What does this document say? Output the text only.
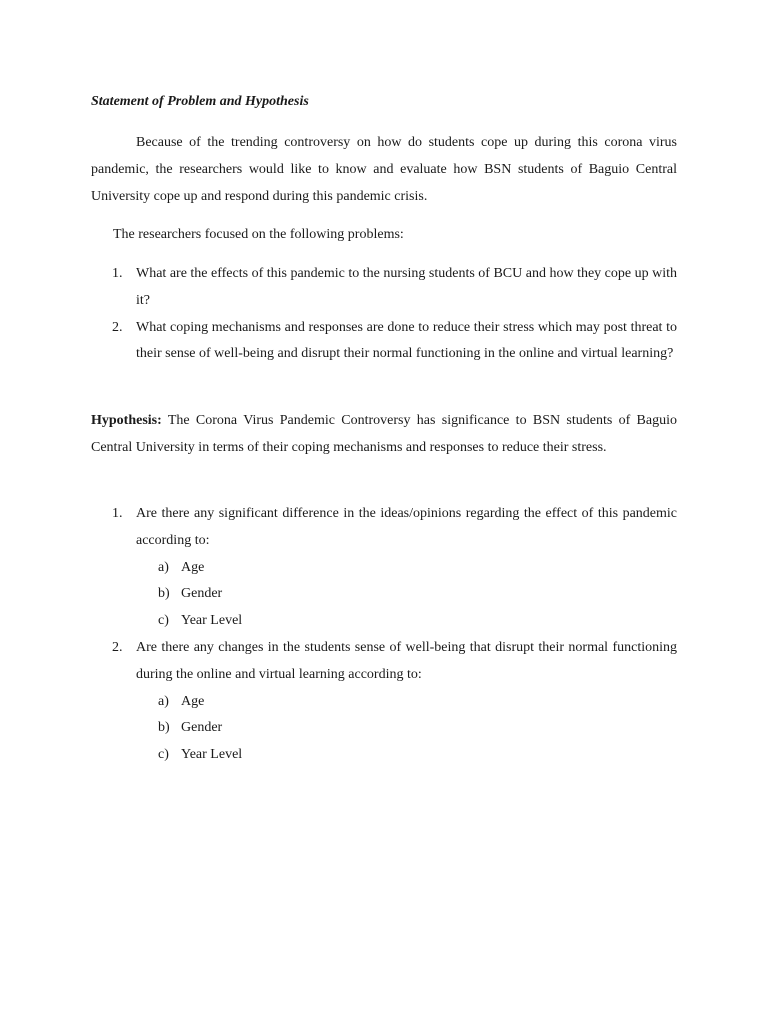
Statement of Problem and Hypothesis
Because of the trending controversy on how do students cope up during this corona virus pandemic, the researchers would like to know and evaluate how BSN students of Baguio Central University cope up and respond during this pandemic crisis.
The researchers focused on the following problems:
1. What are the effects of this pandemic to the nursing students of BCU and how they cope up with it?
2. What coping mechanisms and responses are done to reduce their stress which may post threat to their sense of well-being and disrupt their normal functioning in the online and virtual learning?
Hypothesis: The Corona Virus Pandemic Controversy has significance to BSN students of Baguio Central University in terms of their coping mechanisms and responses to reduce their stress.
1. Are there any significant difference in the ideas/opinions regarding the effect of this pandemic according to:
a) Age
b) Gender
c) Year Level
2. Are there any changes in the students sense of well-being that disrupt their normal functioning during the online and virtual learning according to:
a) Age
b) Gender
c) Year Level
